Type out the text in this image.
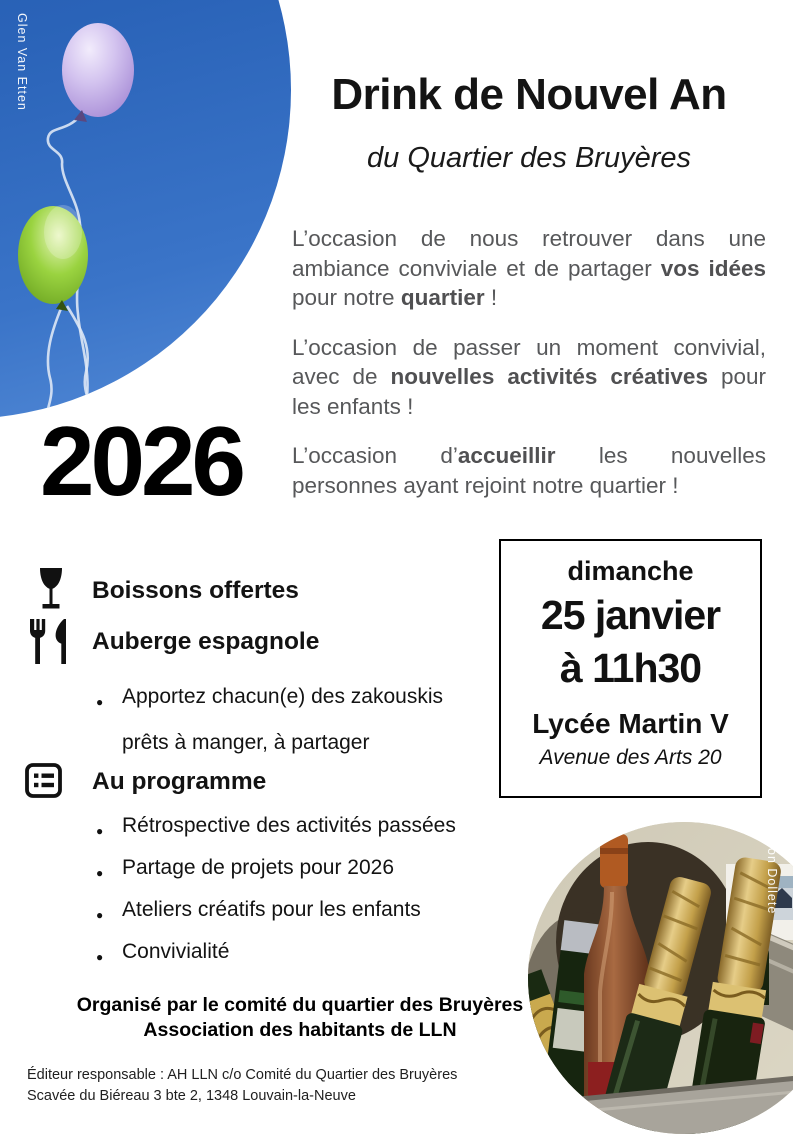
Glen Van Etten	Drink de Nouvel An
du Quartier des Bruyères

L’occasion de nous retrouver dans une ambiance conviviale et de partager vos idées pour notre quartier !

L’occasion de passer un moment convivial, avec de nouvelles activités créatives pour les enfants !

L’occasion d’accueillir les nouvelles personnes ayant rejoint notre quartier !

2026
Boissons offertes
Auberge espagnole
● Apportez chacun(e) des zakouskis prêts à manger, à partager
Au programme
● Rétrospective des activités passées
● Partage de projets pour 2026
● Ateliers créatifs pour les enfants
● Convivialité
dimanche
25 janvier
à 11h30
Lycée Martin V
Avenue des Arts 20
Ron Dollete
Organisé par le comité du quartier des Bruyères
Association des habitants de LLN
Éditeur responsable : AH LLN c/o Comité du Quartier des Bruyères
Scavée du Biéreau 3 bte 2, 1348 Louvain-la-Neuve
